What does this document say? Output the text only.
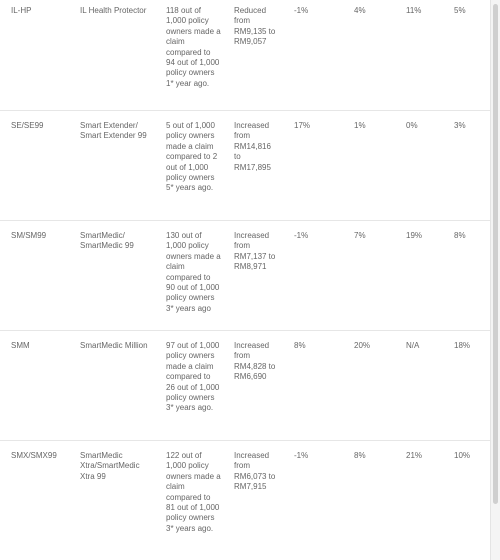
IL-HP	IL Health Protector	118 out of 1,000 policy owners made a claim compared to 94 out of 1,000 policy owners 1* year ago.	Reduced from RM9,135 to RM9,057	-1%	4%	11%	5%
SE/SE99	Smart Extender/ Smart Extender 99	5 out of 1,000 policy owners made a claim compared to 2 out of 1,000 policy owners 5* years ago.	Increased from RM14,816 to RM17,895	17%	1%	0%	3%
SM/SM99	SmartMedic/ SmartMedic 99	130 out of 1,000 policy owners made a claim compared to 90 out of 1,000 policy owners 3* years ago	Increased from RM7,137 to RM8,971	-1%	7%	19%	8%
SMM	SmartMedic Million	97 out of 1,000 policy owners made a claim compared to 26 out of 1,000 policy owners 3* years ago.	Increased from RM4,828 to RM6,690	8%	20%	N/A	18%
SMX/SMX99	SmartMedic Xtra/SmartMedic Xtra 99	122 out of 1,000 policy owners made a claim compared to 81 out of 1,000 policy owners 3* years ago.	Increased from RM6,073 to RM7,915	-1%	8%	21%	10%
